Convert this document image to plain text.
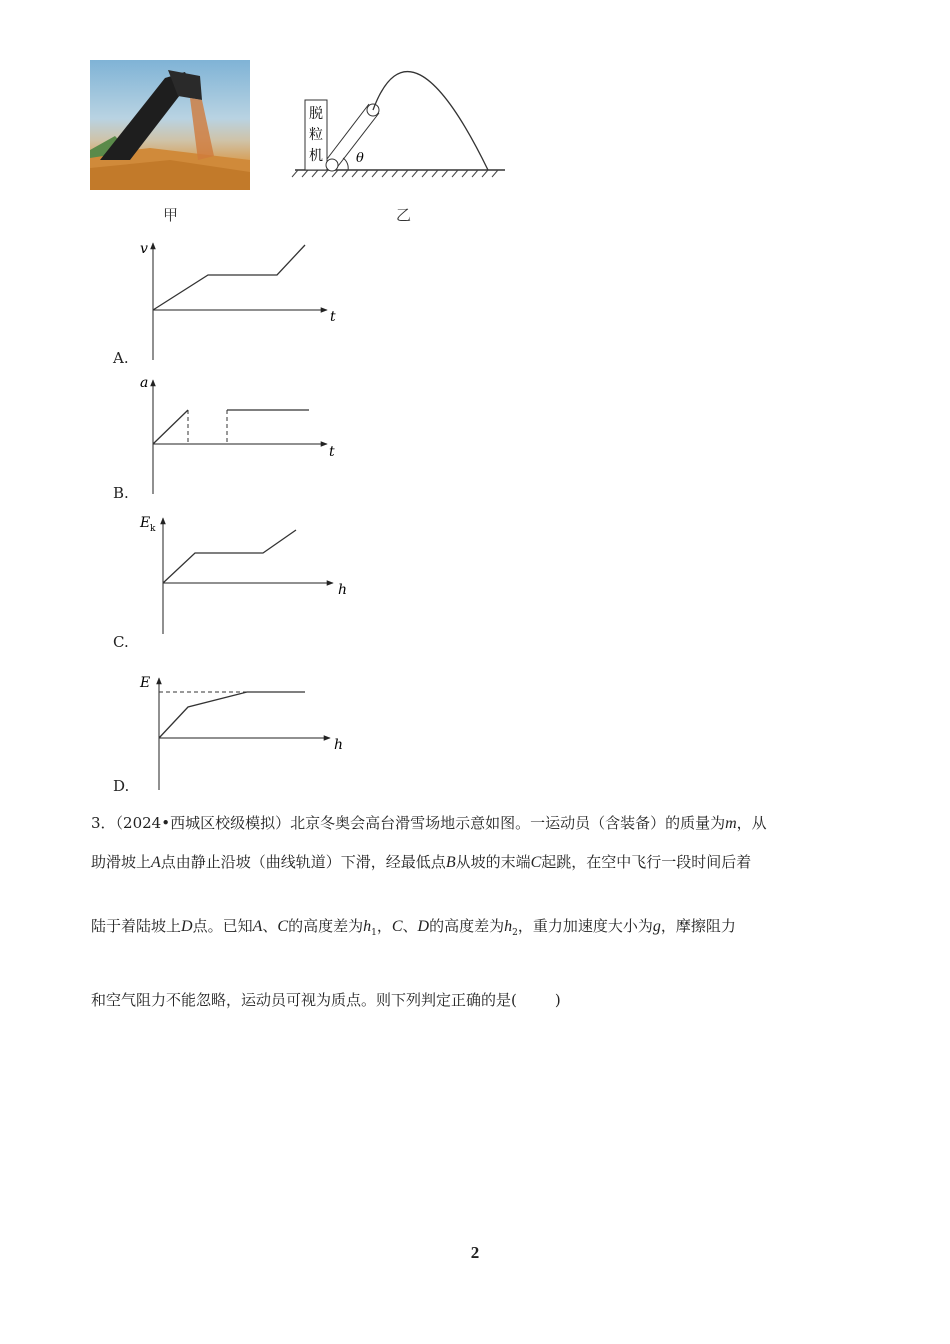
脱
粒
机	θ
甲	乙
v
t
A.
a
t
B.
E k
h
C.
E
h
D.
3．（2024•西城区校级模拟）北京冬奥会高台滑雪场地示意如图。一运动员（含装备）的质量为m，从
助滑坡上A点由静止沿坡（曲线轨道）下滑，经最低点B从坡的末端C起跳，在空中飞行一段时间后着
陆于着陆坡上D点。已知A、C的高度差为$h_1$，C、D的高度差为$h_2$，重力加速度大小为g，摩擦阻力
和空气阻力不能忽略，运动员可视为质点。则下列判定正确的是(	)
2
